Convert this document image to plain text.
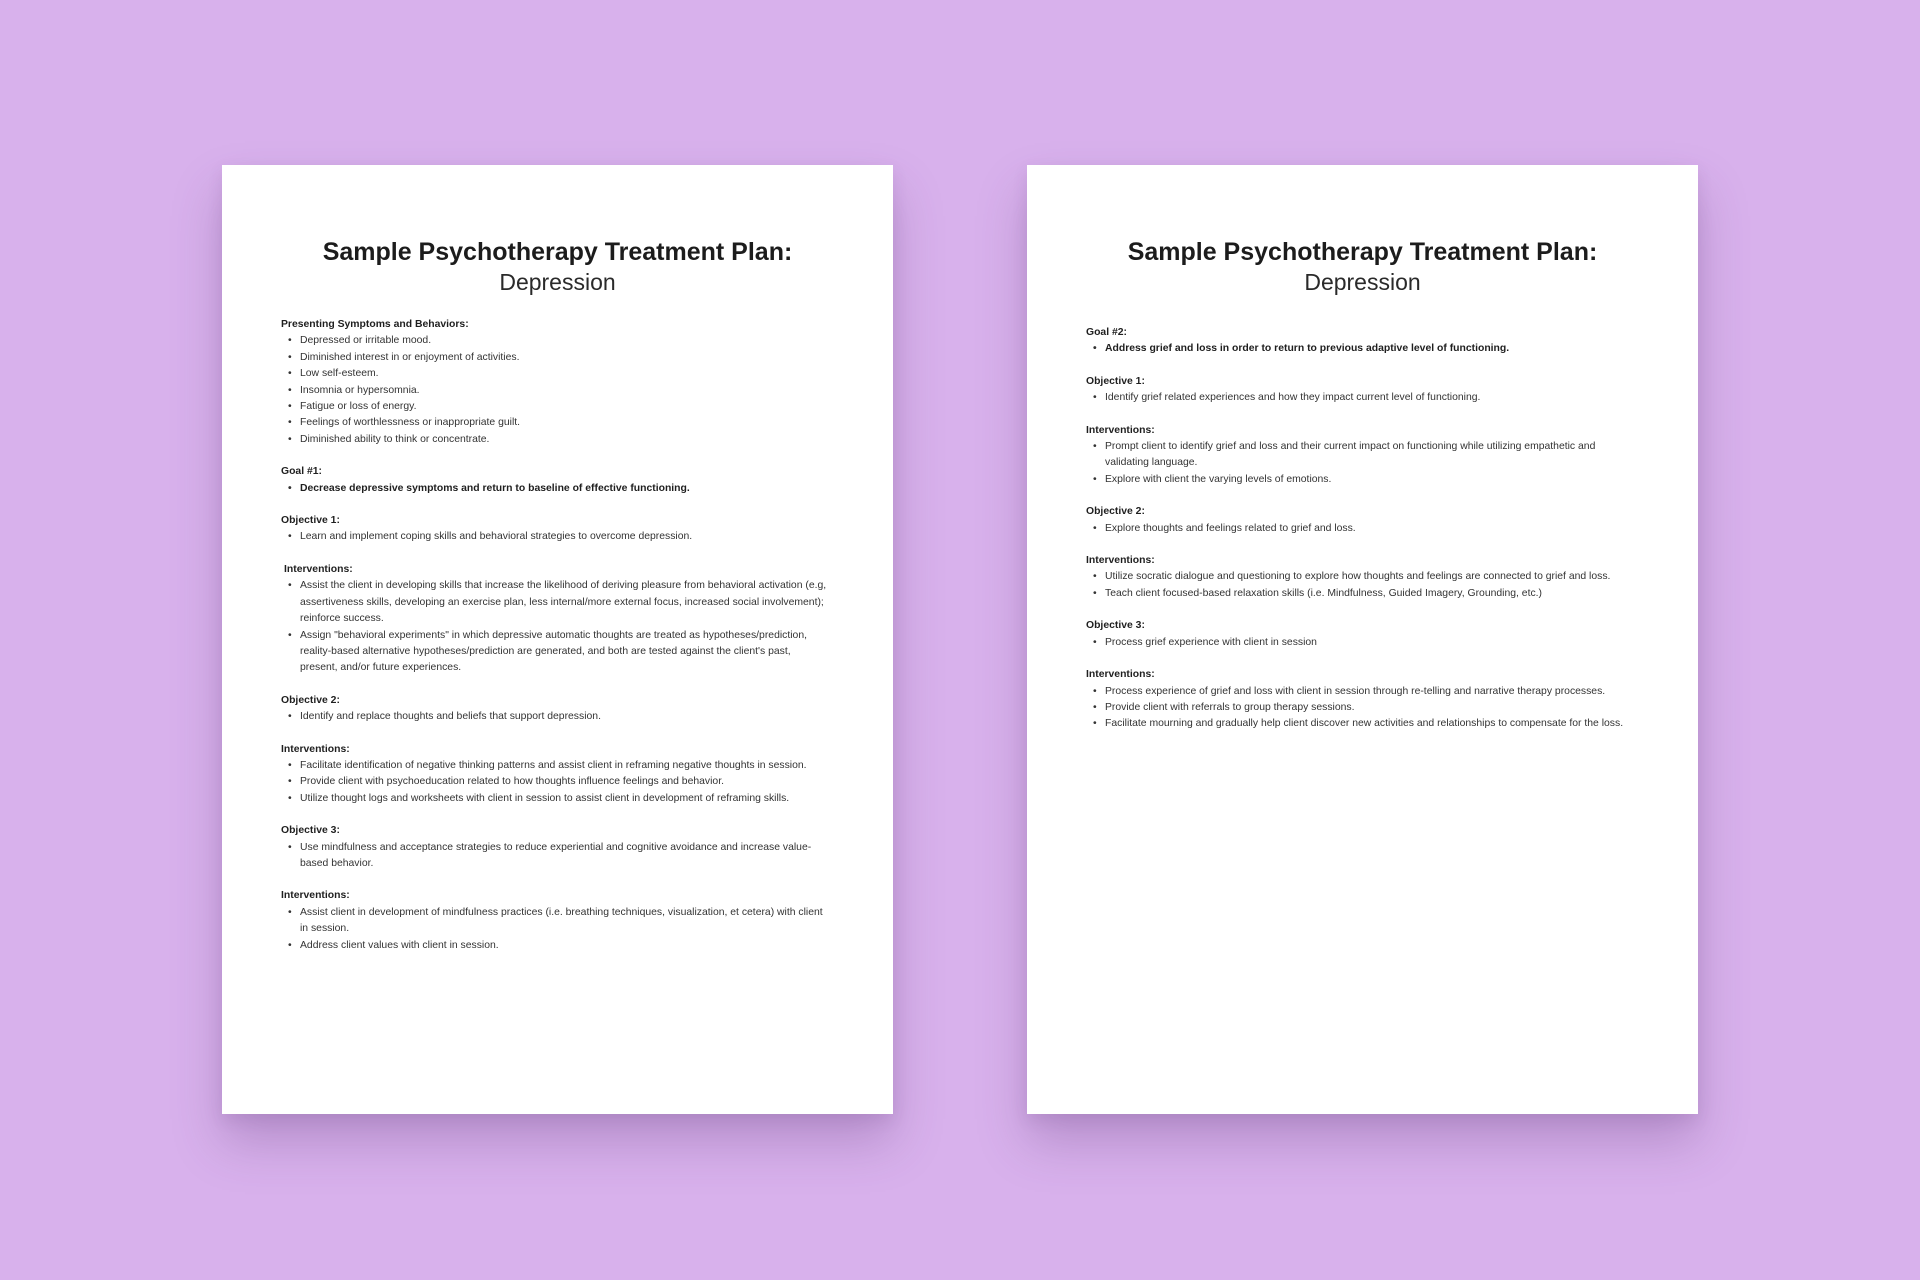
Sample Psychotherapy Treatment Plan:
Depression
Presenting Symptoms and Behaviors:
• Depressed or irritable mood.
• Diminished interest in or enjoyment of activities.
• Low self-esteem.
• Insomnia or hypersomnia.
• Fatigue or loss of energy.
• Feelings of worthlessness or inappropriate guilt.
• Diminished ability to think or concentrate.
Goal #1:
• Decrease depressive symptoms and return to baseline of effective functioning.
Objective 1:
• Learn and implement coping skills and behavioral strategies to overcome depression.
Interventions:
• Assist the client in developing skills that increase the likelihood of deriving pleasure from behavioral activation (e.g, assertiveness skills, developing an exercise plan, less internal/more external focus, increased social involvement); reinforce success.
• Assign "behavioral experiments" in which depressive automatic thoughts are treated as hypotheses/prediction, reality-based alternative hypotheses/prediction are generated, and both are tested against the client's past, present, and/or future experiences.
Objective 2:
• Identify and replace thoughts and beliefs that support depression.
Interventions:
• Facilitate identification of negative thinking patterns and assist client in reframing negative thoughts in session.
• Provide client with psychoeducation related to how thoughts influence feelings and behavior.
• Utilize thought logs and worksheets with client in session to assist client in development of reframing skills.
Objective 3:
• Use mindfulness and acceptance strategies to reduce experiential and cognitive avoidance and increase value-based behavior.
Interventions:
• Assist client in development of mindfulness practices (i.e. breathing techniques, visualization, et cetera) with client in session.
• Address client values with client in session.
Sample Psychotherapy Treatment Plan:
Depression
Goal #2:
• Address grief and loss in order to return to previous adaptive level of functioning.
Objective 1:
• Identify grief related experiences and how they impact current level of functioning.
Interventions:
• Prompt client to identify grief and loss and their current impact on functioning while utilizing empathetic and validating language.
• Explore with client the varying levels of emotions.
Objective 2:
• Explore thoughts and feelings related to grief and loss.
Interventions:
• Utilize socratic dialogue and questioning to explore how thoughts and feelings are connected to grief and loss.
• Teach client focused-based relaxation skills (i.e. Mindfulness, Guided Imagery, Grounding, etc.)
Objective 3:
• Process grief experience with client in session
Interventions:
• Process experience of grief and loss with client in session through re-telling and narrative therapy processes.
• Provide client with referrals to group therapy sessions.
• Facilitate mourning and gradually help client discover new activities and relationships to compensate for the loss.
